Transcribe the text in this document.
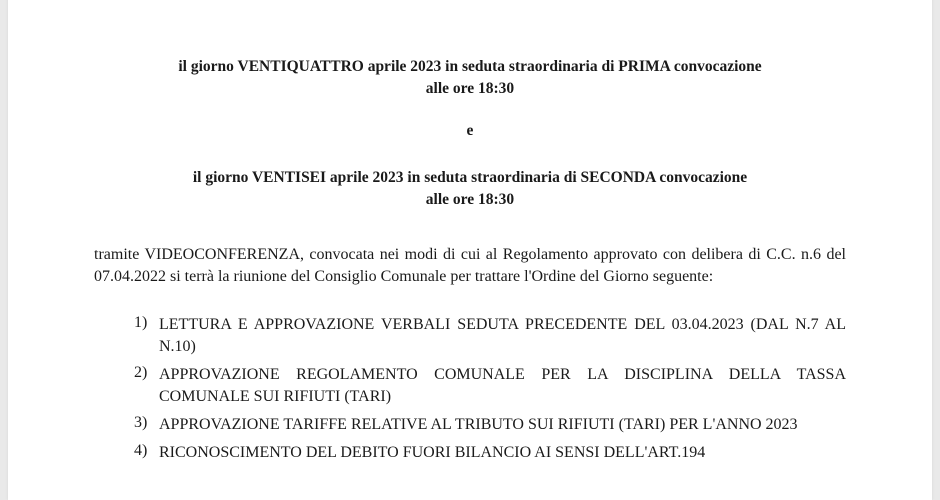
il giorno VENTIQUATTRO aprile 2023 in seduta straordinaria di PRIMA convocazione
alle ore 18:30
e
il giorno VENTISEI aprile 2023 in seduta straordinaria di SECONDA convocazione
alle ore 18:30
tramite VIDEOCONFERENZA, convocata nei modi di cui al Regolamento approvato con delibera di C.C. n.6 del 07.04.2022 si terrà la riunione del Consiglio Comunale per trattare l'Ordine del Giorno seguente:
1) LETTURA E APPROVAZIONE VERBALI SEDUTA PRECEDENTE DEL 03.04.2023 (DAL N.7 AL N.10)
2) APPROVAZIONE REGOLAMENTO COMUNALE PER LA DISCIPLINA DELLA TASSA COMUNALE SUI RIFIUTI (TARI)
3) APPROVAZIONE TARIFFE RELATIVE AL TRIBUTO SUI RIFIUTI (TARI) PER L'ANNO 2023
4) RICONOSCIMENTO DEL DEBITO FUORI BILANCIO AI SENSI DELL'ART.194
